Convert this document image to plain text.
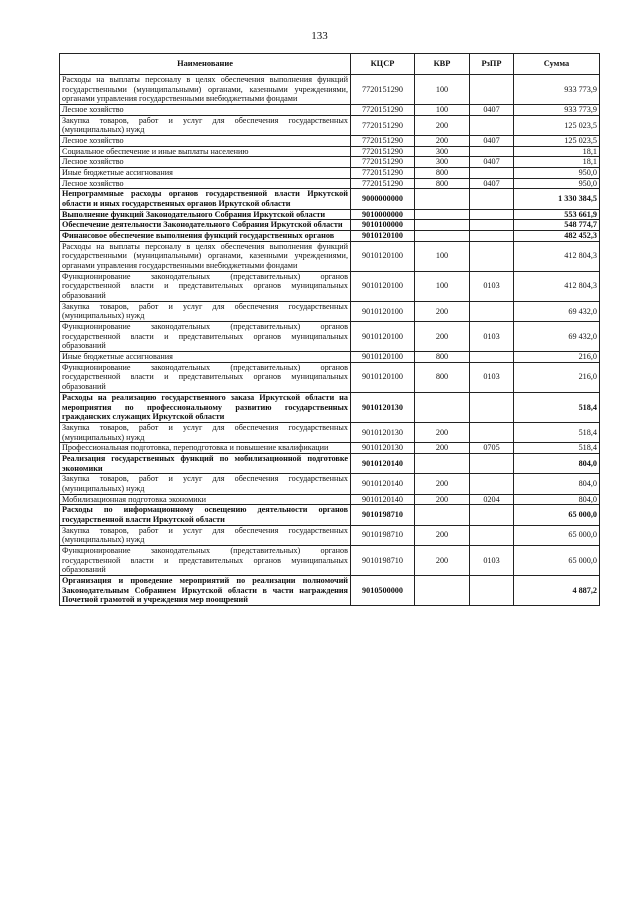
133
Наименование	КЦСР	КВР	РзПР	Сумма
Расходы на выплаты персоналу в целях обеспечения выполнения функций государственными (муниципальными) органами, казенными учреждениями, органами управления государственными внебюджетными фондами	7720151290	100		933 773,9
Лесное хозяйство	7720151290	100	0407	933 773,9
Закупка товаров, работ и услуг для обеспечения государственных (муниципальных) нужд	7720151290	200		125 023,5
Лесное хозяйство	7720151290	200	0407	125 023,5
Социальное обеспечение и иные выплаты населению	7720151290	300		18,1
Лесное хозяйство	7720151290	300	0407	18,1
Иные бюджетные ассигнования	7720151290	800		950,0
Лесное хозяйство	7720151290	800	0407	950,0
Непрограммные расходы органов государственной власти Иркутской области и иных государственных органов Иркутской области	9000000000			1 330 384,5
Выполнение функций Законодательного Собрания Иркутской области	9010000000			553 661,9
Обеспечение деятельности Законодательного Собрания Иркутской области	9010100000			548 774,7
Финансовое обеспечение выполнения функций государственных органов	9010120100			482 452,3
Расходы на выплаты персоналу в целях обеспечения выполнения функций государственными (муниципальными) органами, казенными учреждениями, органами управления государственными внебюджетными фондами	9010120100	100		412 804,3
Функционирование законодательных (представительных) органов государственной власти и представительных органов муниципальных образований	9010120100	100	0103	412 804,3
Закупка товаров, работ и услуг для обеспечения государственных (муниципальных) нужд	9010120100	200		69 432,0
Функционирование законодательных (представительных) органов государственной власти и представительных органов муниципальных образований	9010120100	200	0103	69 432,0
Иные бюджетные ассигнования	9010120100	800		216,0
Функционирование законодательных (представительных) органов государственной власти и представительных органов муниципальных образований	9010120100	800	0103	216,0
Расходы на реализацию государственного заказа Иркутской области на мероприятия по профессиональному развитию государственных гражданских служащих Иркутской области	9010120130			518,4
Закупка товаров, работ и услуг для обеспечения государственных (муниципальных) нужд	9010120130	200		518,4
Профессиональная подготовка, переподготовка и повышение квалификации	9010120130	200	0705	518,4
Реализация государственных функций по мобилизационной подготовке экономики	9010120140			804,0
Закупка товаров, работ и услуг для обеспечения государственных (муниципальных) нужд	9010120140	200		804,0
Мобилизационная подготовка экономики	9010120140	200	0204	804,0
Расходы по информационному освещению деятельности органов государственной власти Иркутской области	9010198710			65 000,0
Закупка товаров, работ и услуг для обеспечения государственных (муниципальных) нужд	9010198710	200		65 000,0
Функционирование законодательных (представительных) органов государственной власти и представительных органов муниципальных образований	9010198710	200	0103	65 000,0
Организация и проведение мероприятий по реализации полномочий Законодательным Собранием Иркутской области в части награждения Почетной грамотой и учреждения мер поощрений	9010500000			4 887,2
